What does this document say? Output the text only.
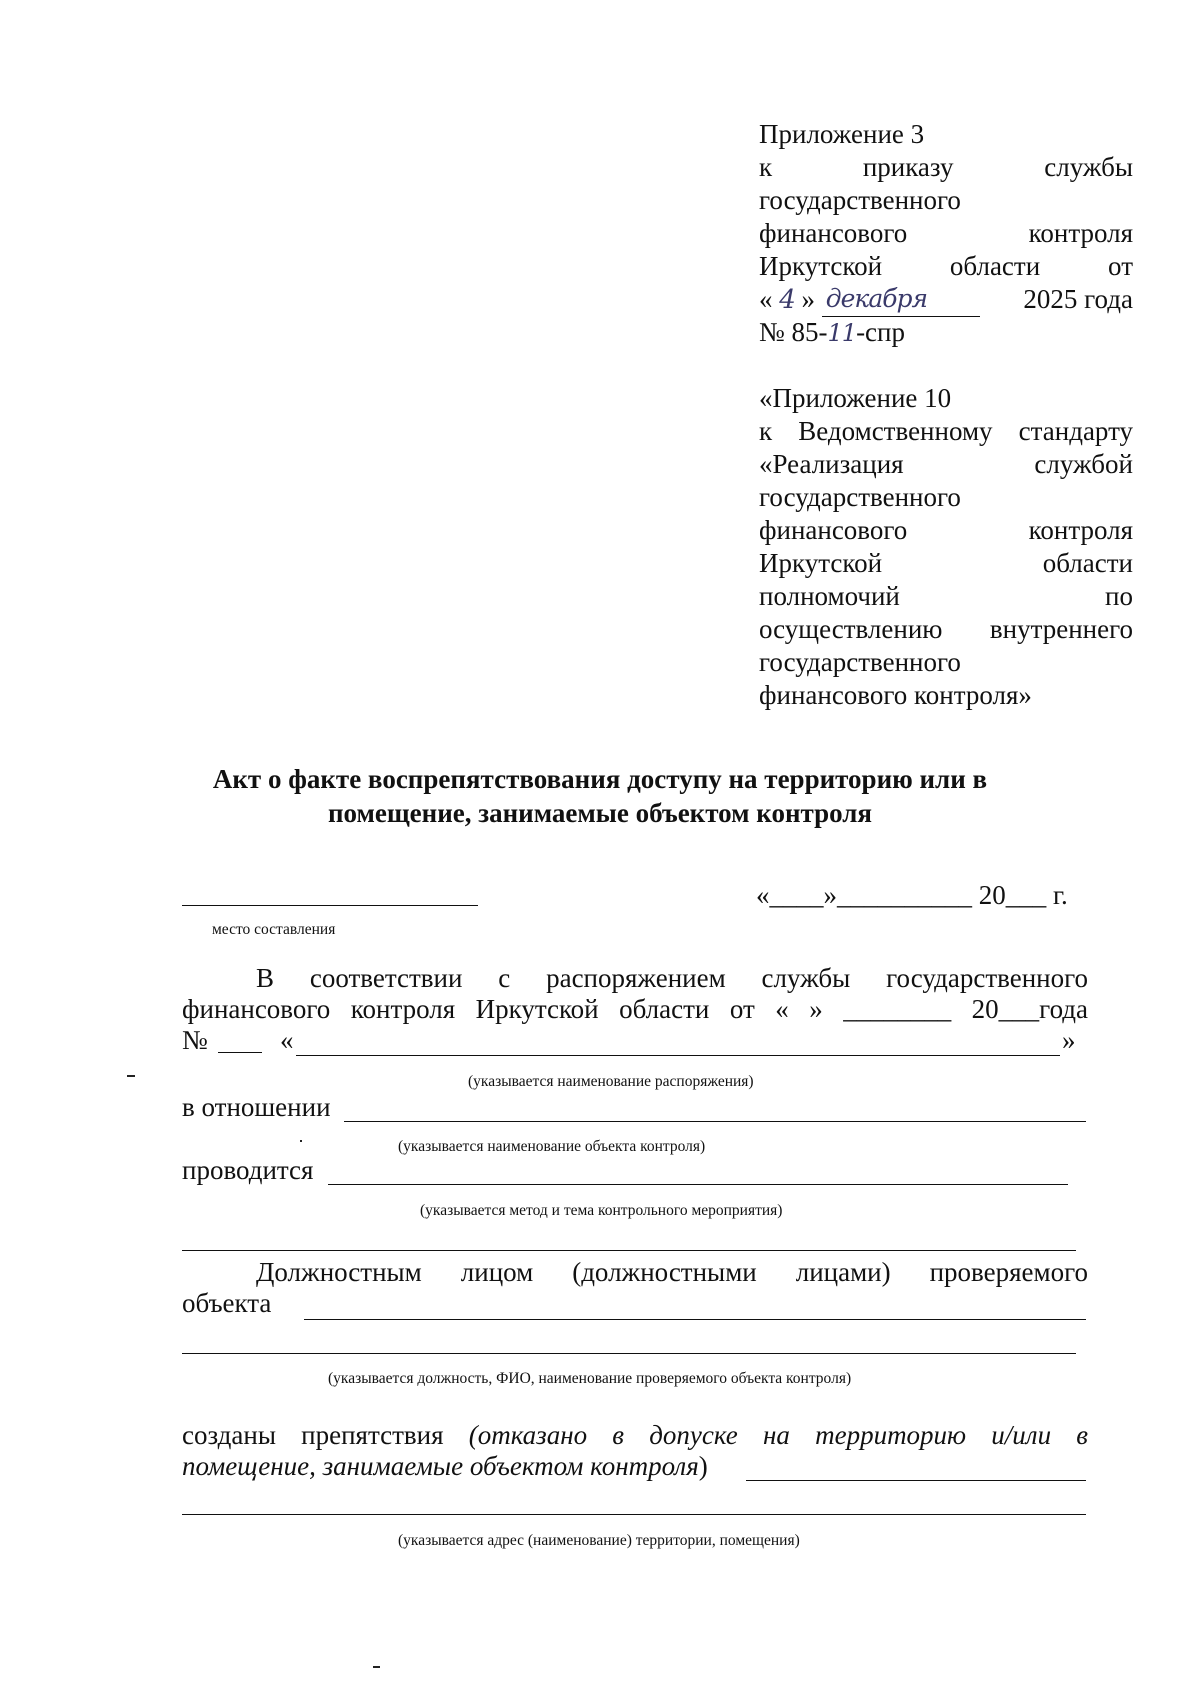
Приложение 3
к	приказу	службы
государственного
финансового	контроля
Иркутской области	от
« 4 » декабря	2025 года
№ 85-11-спр
«Приложение 10
к Ведомственному стандарту
«Реализация	службой
государственного
финансового	контроля
Иркутской	области
полномочий	по
осуществлению внутреннего
государственного
финансового контроля»
Акт о факте воспрепятствования доступу на территорию или в
помещение, занимаемые объектом контроля
«____»__________ 20___ г.
место составления
В соответствии с распоряжением службы государственного
финансового контроля Иркутской области от « » ________ 20___года
№	«	»
(указывается наименование распоряжения)
в отношении
(указывается наименование объекта контроля)
проводится
(указывается метод и тема контрольного мероприятия)
Должностным лицом (должностными лицами) проверяемого
объекта
(указывается должность, ФИО, наименование проверяемого объекта контроля)
созданы препятствия (отказано в допуске на территорию и/или в
помещение, занимаемые объектом контроля)
(указывается адрес (наименование) территории, помещения)
